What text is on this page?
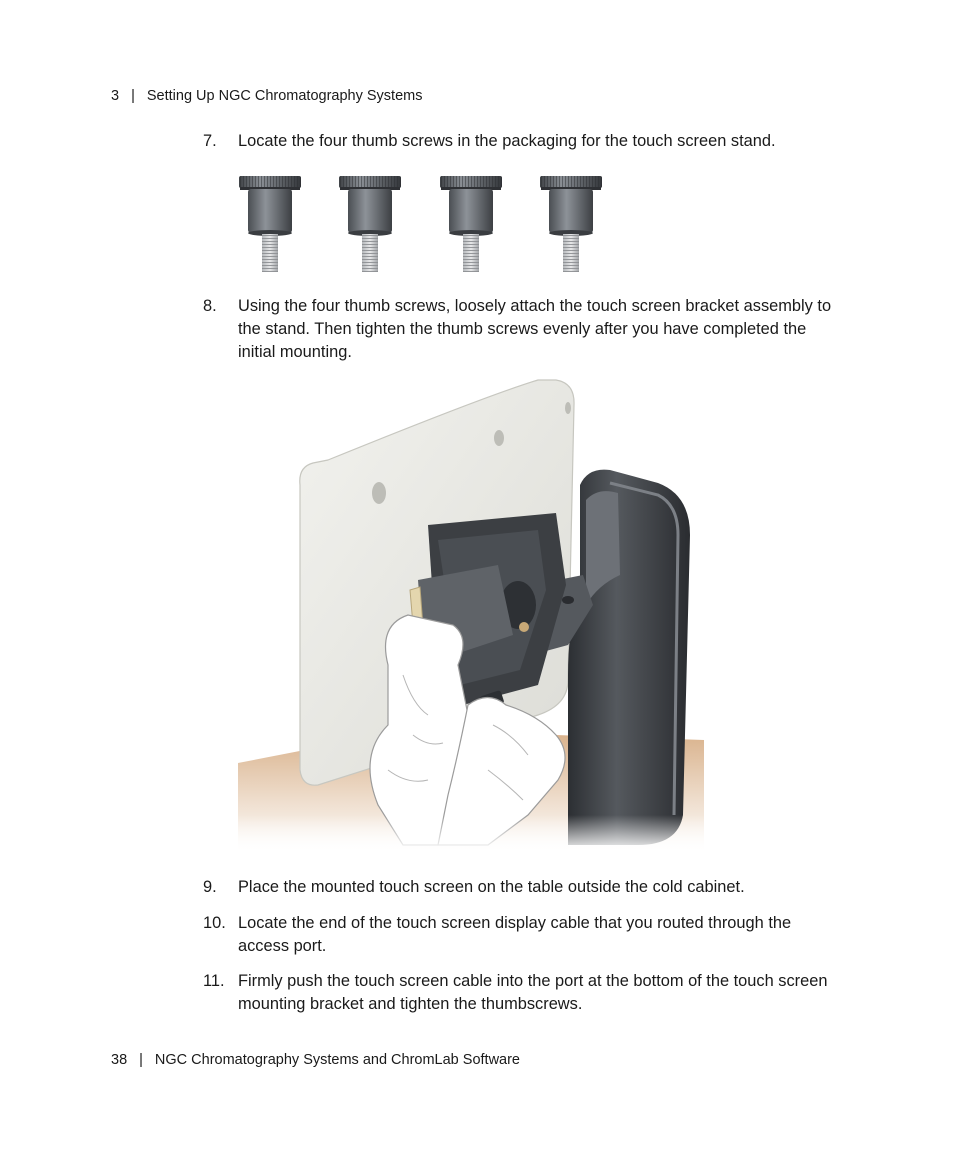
3 | Setting Up NGC Chromatography Systems
7. Locate the four thumb screws in the packaging for the touch screen stand.
8. Using the four thumb screws, loosely attach the touch screen bracket assembly to the stand. Then tighten the thumb screws evenly after you have completed the initial mounting.
9. Place the mounted touch screen on the table outside the cold cabinet.
10. Locate the end of the touch screen display cable that you routed through the access port.
11. Firmly push the touch screen cable into the port at the bottom of the touch screen mounting bracket and tighten the thumbscrews.
38 | NGC Chromatography Systems and ChromLab Software
